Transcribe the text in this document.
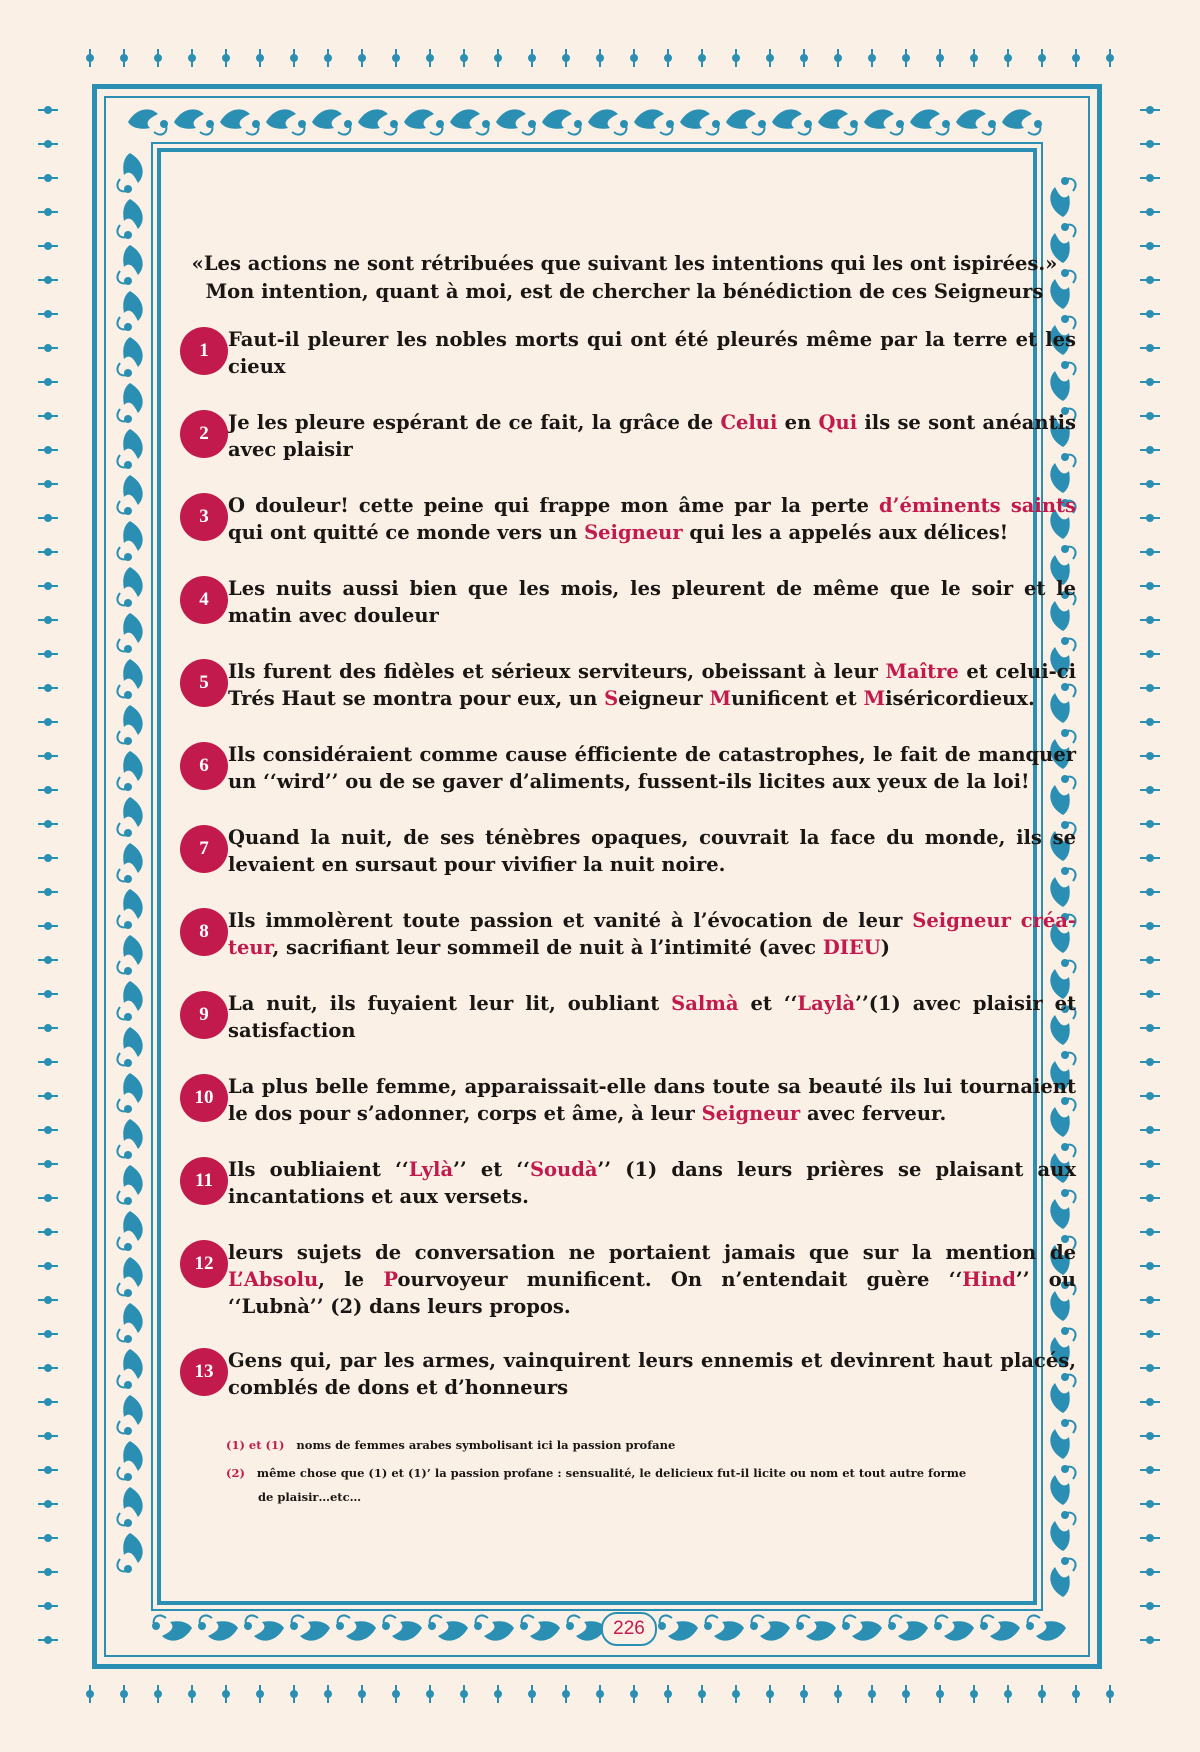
«Les actions ne sont rétribuées que suivant les intentions qui les ont ispirées.»
Mon intention, quant à moi, est de chercher la bénédiction de ces Seigneurs
1 Faut-il pleurer les nobles morts qui ont été pleurés même par la terre et les cieux
2 Je les pleure espérant de ce fait, la grâce de Celui en Qui ils se sont anéantis avec plaisir
3 O douleur! cette peine qui frappe mon âme par la perte d’éminents saints qui ont quitté ce monde vers un Seigneur qui les a appelés aux délices!
4 Les nuits aussi bien que les mois, les pleurent de même que le soir et le matin avec douleur
5 Ils furent des fidèles et sérieux serviteurs, obeissant à leur Maître et celui-ci Trés Haut se montra pour eux, un Seigneur Munificent et Miséricordieux.
6 Ils considéraient comme cause éfficiente de catastrophes, le fait de manquer un ‘‘wird’’ ou de se gaver d’aliments, fussent-ils licites aux yeux de la loi!
7 Quand la nuit, de ses ténèbres opaques, couvrait la face du monde, ils se levaient en sursaut pour vivifier la nuit noire.
8 Ils immolèrent toute passion et vanité à l’évocation de leur Seigneur créa-teur, sacrifiant leur sommeil de nuit à l’intimité (avec DIEU)
9 La nuit, ils fuyaient leur lit, oubliant Salmà et ‘‘Laylà’’(1) avec plaisir et satisfaction
10 La plus belle femme, apparaissait-elle dans toute sa beauté ils lui tournaient le dos pour s’adonner, corps et âme, à leur Seigneur avec ferveur.
11 Ils oubliaient ‘‘Lylà’’ et ‘‘Soudà’’ (1) dans leurs prières se plaisant aux incantations et aux versets.
12 leurs sujets de conversation ne portaient jamais que sur la mention de L’Absolu, le Pourvoyeur munificent. On n’entendait guère ‘‘Hind’’ ou ‘‘Lubnà’’ (2) dans leurs propos.
13 Gens qui, par les armes, vainquirent leurs ennemis et devinrent haut placés, comblés de dons et d’honneurs
(1) et (1) noms de femmes arabes symbolisant ici la passion profane
(2) même chose que (1) et (1)’ la passion profane : sensualité, le delicieux fut-il licite ou nom et tout autre forme
de plaisir…etc…
226
